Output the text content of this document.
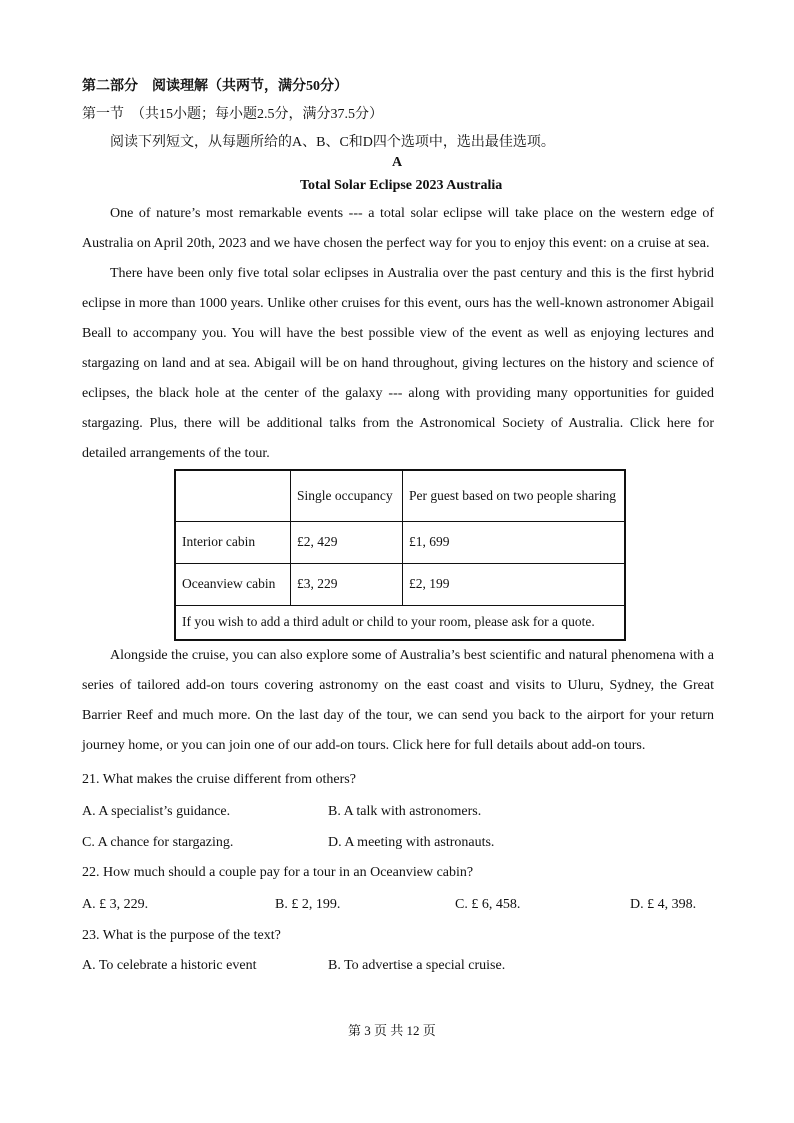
第二部分　阅读理解（共两节，满分50分）
第一节　（共15小题；每小题2.5分，满分37.5分）
阅读下列短文，从每题所给的A、B、C和D四个选项中，选出最佳选项。
A
Total Solar Eclipse 2023 Australia
One of nature’s most remarkable events --- a total solar eclipse will take place on the western edge of Australia on April 20th, 2023 and we have chosen the perfect way for you to enjoy this event: on a cruise at sea.
There have been only five total solar eclipses in Australia over the past century and this is the first hybrid eclipse in more than 1000 years. Unlike other cruises for this event, ours has the well-known astronomer Abigail Beall to accompany you. You will have the best possible view of the event as well as enjoying lectures and stargazing on land and at sea. Abigail will be on hand throughout, giving lectures on the history and science of eclipses, the black hole at the center of the galaxy --- along with providing many opportunities for guided stargazing. Plus, there will be additional talks from the Astronomical Society of Australia. Click here for detailed arrangements of the tour.
	Single occupancy	Per guest based on two people sharing
Interior cabin	£2, 429	£1, 699
Oceanview cabin	£3, 229	£2, 199
If you wish to add a third adult or child to your room, please ask for a quote.		
Alongside the cruise, you can also explore some of Australia’s best scientific and natural phenomena with a series of tailored add-on tours covering astronomy on the east coast and visits to Uluru, Sydney, the Great Barrier Reef and much more. On the last day of the tour, we can send you back to the airport for your return journey home, or you can join one of our add-on tours. Click here for full details about add-on tours.
21. What makes the cruise different from others?
A. A specialist’s guidance.	B. A talk with astronomers.
C. A chance for stargazing.	D. A meeting with astronauts.
22. How much should a couple pay for a tour in an Oceanview cabin?
A. £ 3, 229.	B. £ 2, 199.	C. £ 6, 458.	D. £ 4, 398.
23. What is the purpose of the text?
A. To celebrate a historic event	B. To advertise a special cruise.
第 3 页 共 12 页
